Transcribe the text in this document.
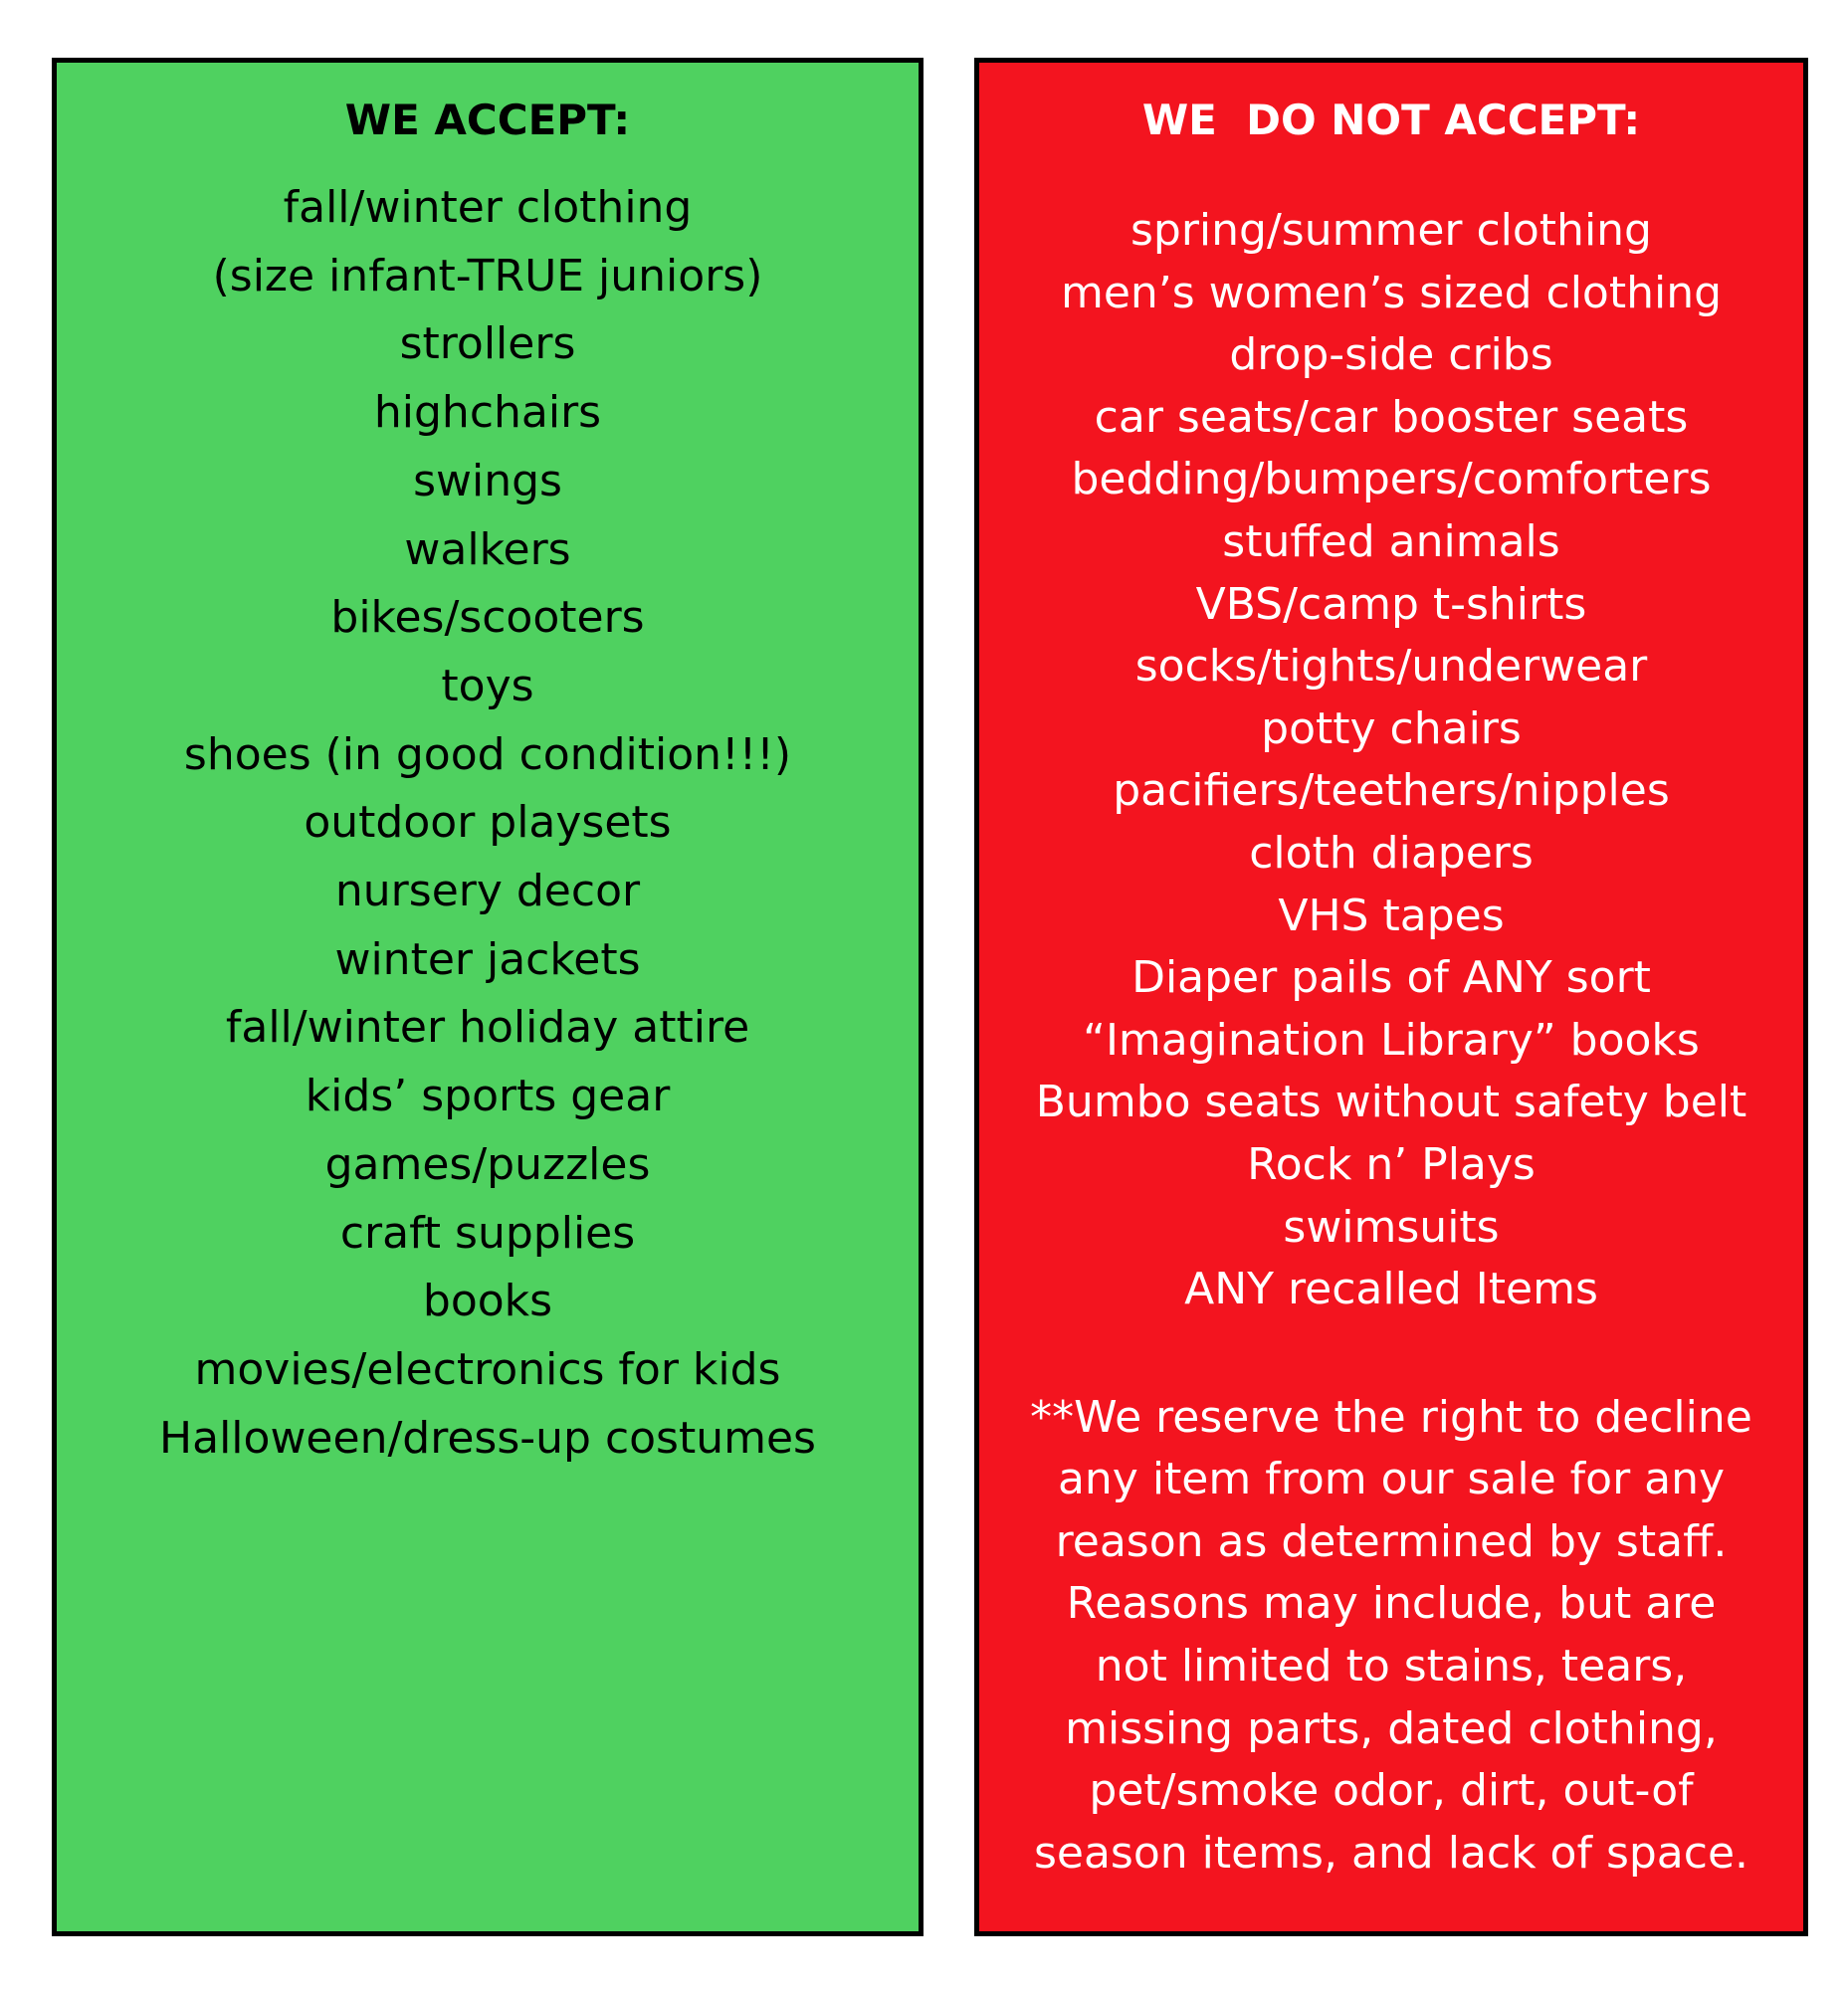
WE ACCEPT:
fall/winter clothing
(size infant-TRUE juniors)
strollers
highchairs
swings
walkers
bikes/scooters
toys
shoes (in good condition!!!)
outdoor playsets
nursery decor
winter jackets
fall/winter holiday attire
kids’ sports gear
games/puzzles
craft supplies
books
movies/electronics for kids
Halloween/dress-up costumes
WE  DO NOT ACCEPT:
spring/summer clothing
men’s women’s sized clothing
drop-side cribs
car seats/car booster seats
bedding/bumpers/comforters
stuffed animals
VBS/camp t-shirts
socks/tights/underwear
potty chairs
pacifiers/teethers/nipples
cloth diapers
VHS tapes
Diaper pails of ANY sort
“Imagination Library” books
Bumbo seats without safety belt
Rock n’ Plays
swimsuits
ANY recalled Items

**We reserve the right to decline
any item from our sale for any
reason as determined by staff.
Reasons may include, but are
not limited to stains, tears,
missing parts, dated clothing,
pet/smoke odor, dirt, out-of
season items, and lack of space.
